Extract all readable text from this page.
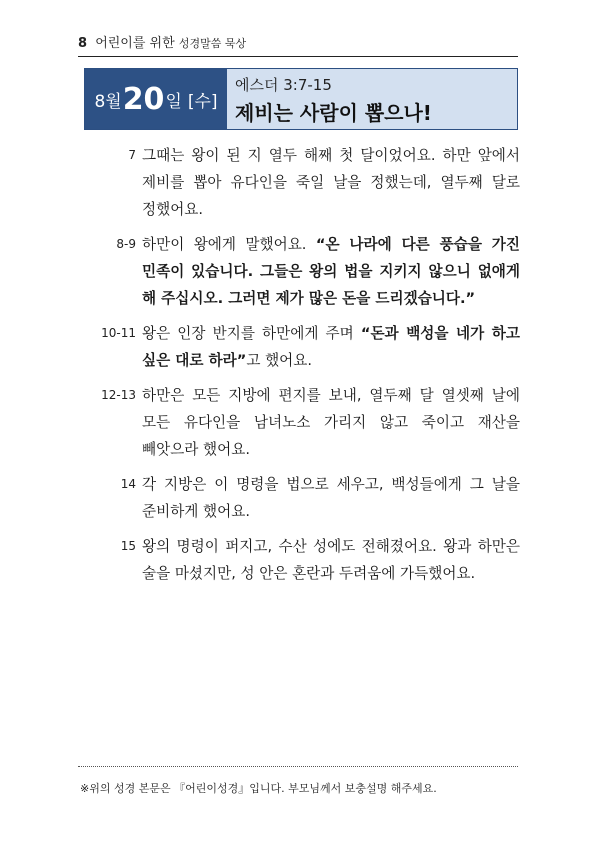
8 어린이를 위한 성경말씀 묵상
8월 20 일 [수]
에스더 3:7-15
제비는 사람이 뽑으나!
7 그때는 왕이 된 지 열두 해째 첫 달이었어요. 하만 앞에서 제비를 뽑아 유다인을 죽일 날을 정했는데, 열두째 달로 정했어요.
8-9 하만이 왕에게 말했어요. “온 나라에 다른 풍습을 가진 민족이 있습니다. 그들은 왕의 법을 지키지 않으니 없애게 해 주십시오. 그러면 제가 많은 돈을 드리겠습니다.”
10-11 왕은 인장 반지를 하만에게 주며 “돈과 백성을 네가 하고 싶은 대로 하라”고 했어요.
12-13 하만은 모든 지방에 편지를 보내, 열두째 달 열셋째 날에 모든 유다인을 남녀노소 가리지 않고 죽이고 재산을 빼앗으라 했어요.
14 각 지방은 이 명령을 법으로 세우고, 백성들에게 그 날을 준비하게 했어요.
15 왕의 명령이 퍼지고, 수산 성에도 전해졌어요. 왕과 하만은 술을 마셨지만, 성 안은 혼란과 두려움에 가득했어요.
※위의 성경 본문은 『어린이성경』입니다. 부모님께서 보충설명 해주세요.
